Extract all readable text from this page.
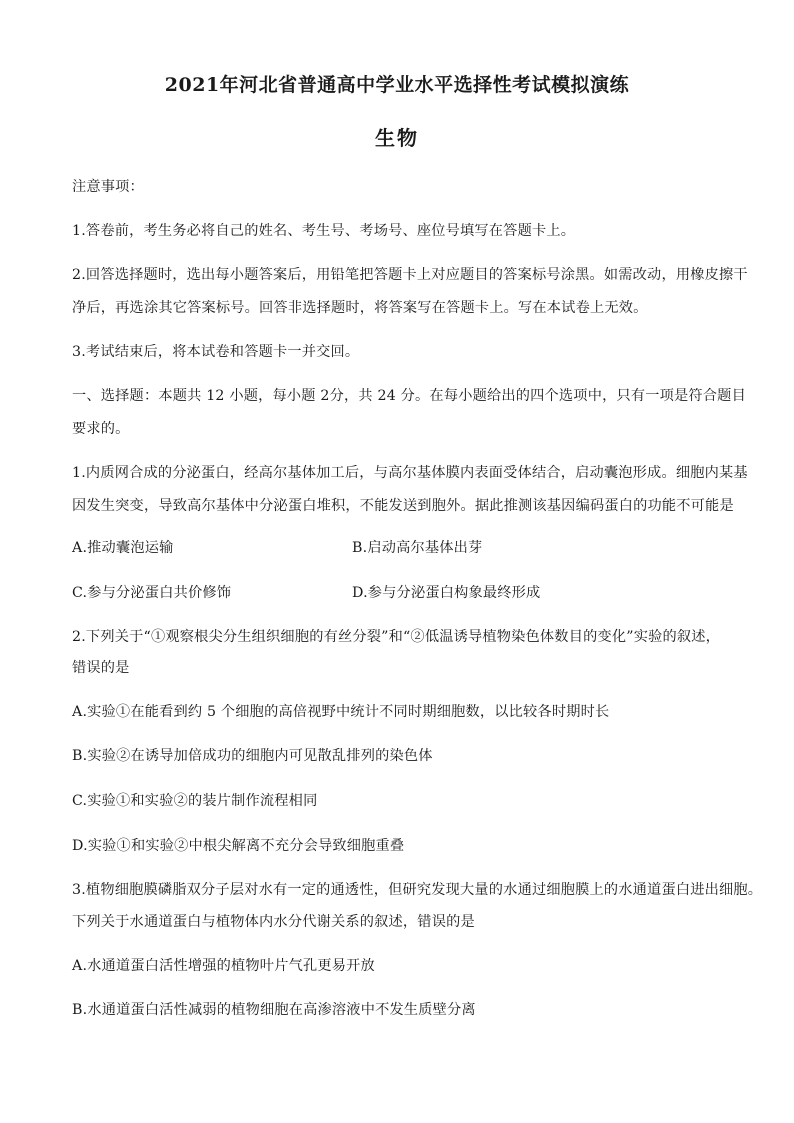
2021年河北省普通高中学业水平选择性考试模拟演练
生物
注意事项：
1.答卷前，考生务必将自己的姓名、考生号、考场号、座位号填写在答题卡上。
2.回答选择题时，选出每小题答案后，用铅笔把答题卡上对应题目的答案标号涂黑。如需改动，用橡皮擦干
净后，再选涂其它答案标号。回答非选择题时，将答案写在答题卡上。写在本试卷上无效。
3.考试结束后，将本试卷和答题卡一并交回。
一、选择题：本题共 12 小题，每小题 2分，共 24 分。在每小题给出的四个选项中，只有一项是符合题目
要求的。
1.内质网合成的分泌蛋白，经高尔基体加工后，与高尔基体膜内表面受体结合，启动囊泡形成。细胞内某基
因发生突变，导致高尔基体中分泌蛋白堆积，不能发送到胞外。据此推测该基因编码蛋白的功能不可能是
A.推动囊泡运输	B.启动高尔基体出芽
C.参与分泌蛋白共价修饰	D.参与分泌蛋白构象最终形成
2.下列关于“①观察根尖分生组织细胞的有丝分裂”和“②低温诱导植物染色体数目的变化”实验的叙述，
错误的是
A.实验①在能看到约 5 个细胞的高倍视野中统计不同时期细胞数，以比较各时期时长
B.实验②在诱导加倍成功的细胞内可见散乱排列的染色体
C.实验①和实验②的装片制作流程相同
D.实验①和实验②中根尖解离不充分会导致细胞重叠
3.植物细胞膜磷脂双分子层对水有一定的通透性，但研究发现大量的水通过细胞膜上的水通道蛋白进出细胞。
下列关于水通道蛋白与植物体内水分代谢关系的叙述，错误的是
A.水通道蛋白活性增强的植物叶片气孔更易开放
B.水通道蛋白活性减弱的植物细胞在高渗溶液中不发生质壁分离
